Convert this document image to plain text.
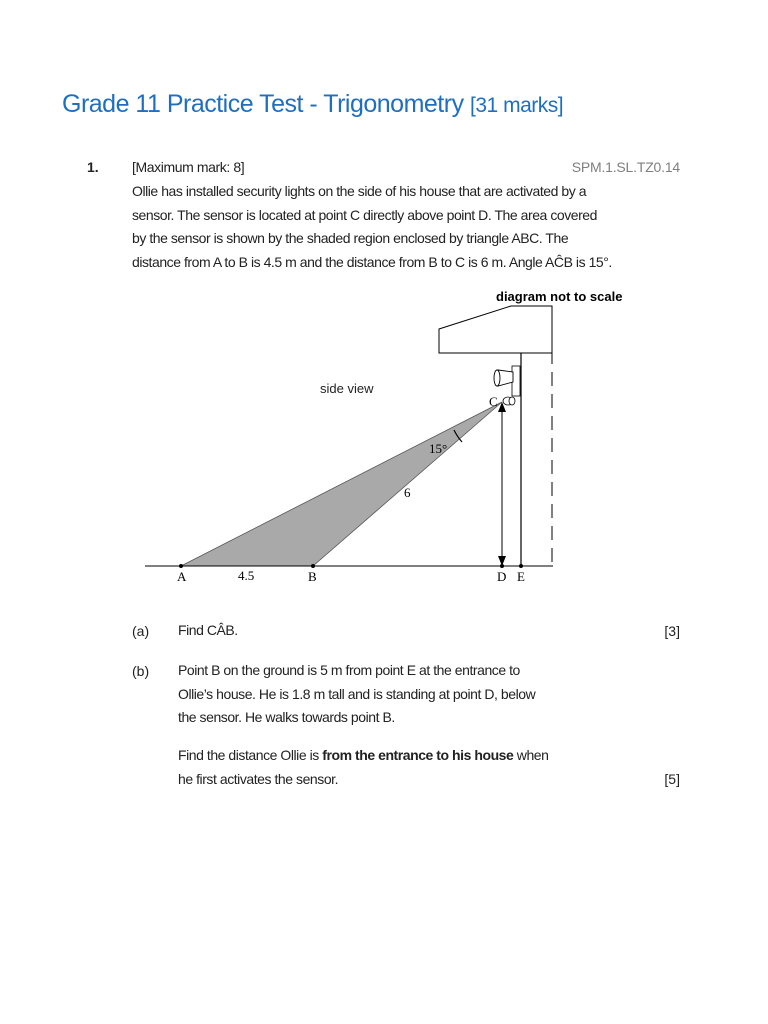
Grade 11 Practice Test - Trigonometry [31 marks]
1. [Maximum mark: 8]	SPM.1.SL.TZ0.14
Ollie has installed security lights on the side of his house that are activated by a
sensor. The sensor is located at point C directly above point D. The area covered
by the sensor is shown by the shaded region enclosed by triangle ABC. The
distance from A to B is 4.5 m and the distance from B to C is 6 m. Angle AĈB is 15°.
diagram not to scale
side view
15°
6
4.5
C
A	B	D E
(a) Find CÂB.	[3]
(b) Point B on the ground is 5 m from point E at the entrance to
Ollie’s house. He is 1.8 m tall and is standing at point D, below
the sensor. He walks towards point B.
Find the distance Ollie is from the entrance to his house when
he first activates the sensor.	[5]
